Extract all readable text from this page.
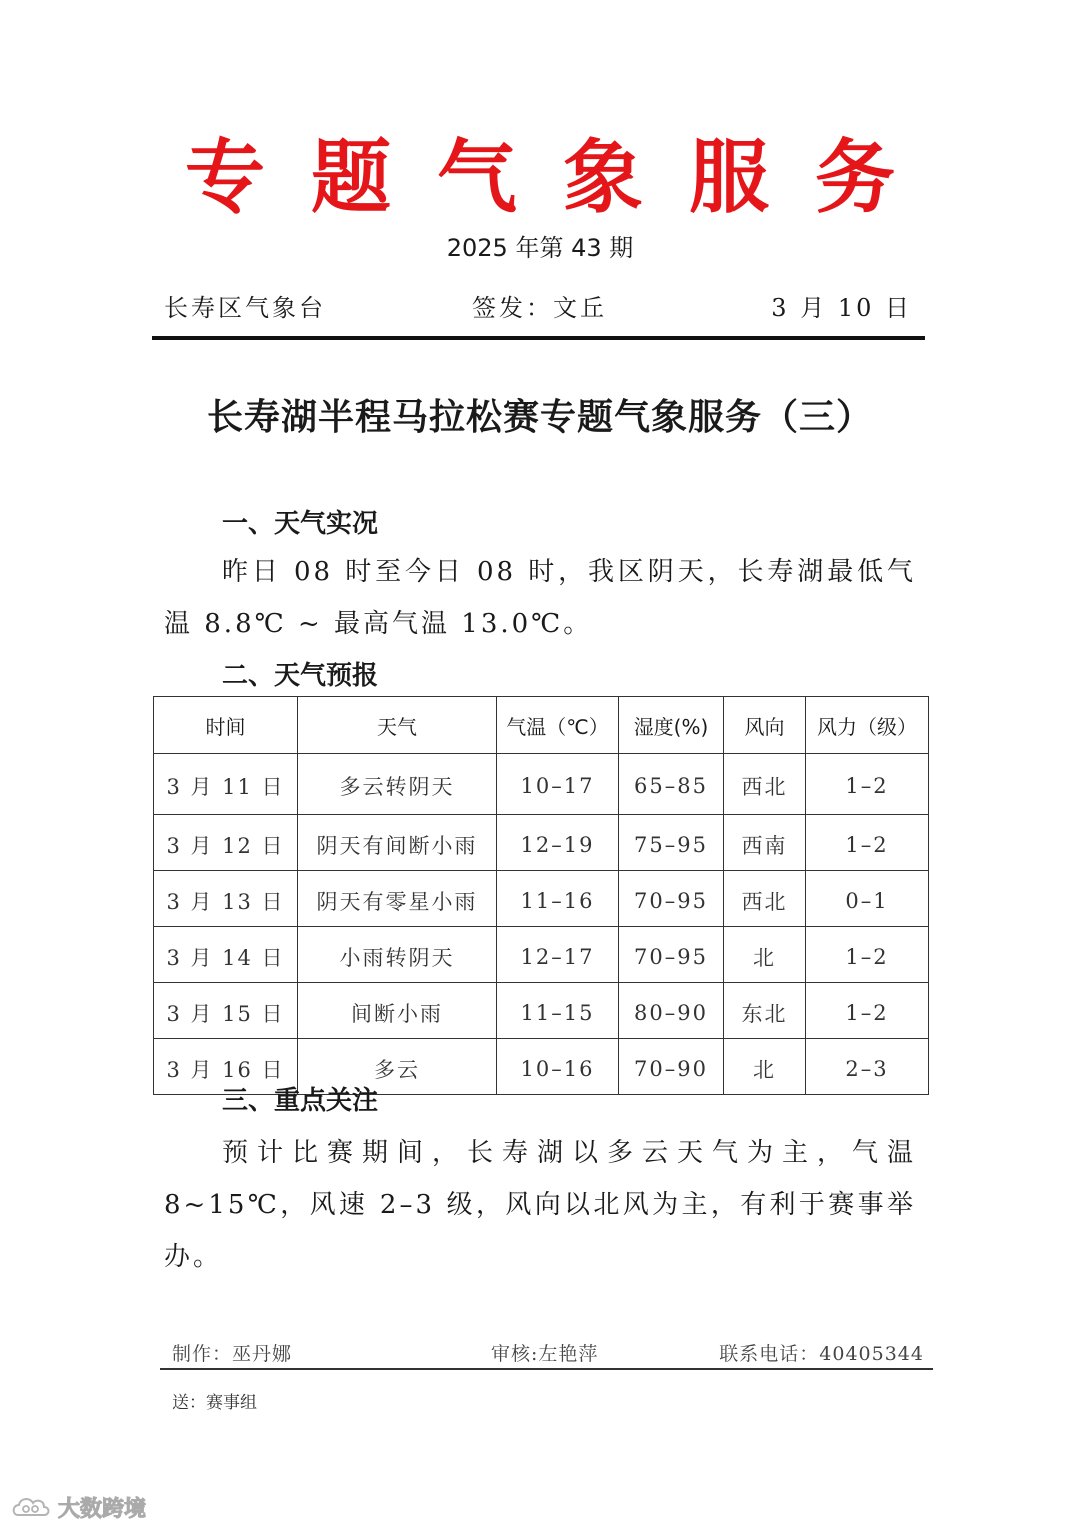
专题气象服务
2025 年第 43 期
长寿区气象台	签发：文丘	3 月 10 日
长寿湖半程马拉松赛专题气象服务（三）
一、天气实况
昨日 08 时至今日 08 时，我区阴天，长寿湖最低气温 8.8℃ ~ 最高气温 13.0℃。
二、天气预报
时间	天气	气温（℃）	湿度(%)	风向	风力（级）
3 月 11 日	多云转阴天	10–17	65–85	西北	1–2
3 月 12 日	阴天有间断小雨	12–19	75–95	西南	1–2
3 月 13 日	阴天有零星小雨	11–16	70–95	西北	0–1
3 月 14 日	小雨转阴天	12–17	70–95	北	1–2
3 月 15 日	间断小雨	11–15	80–90	东北	1–2
3 月 16 日	多云	10–16	70–90	北	2–3
三、重点关注
预计比赛期间，长寿湖以多云天气为主，气温 8~15℃，风速 2–3 级，风向以北风为主，有利于赛事举办。
制作：巫丹娜	审核:左艳萍	联系电话：40405344
送：赛事组
大数跨境
